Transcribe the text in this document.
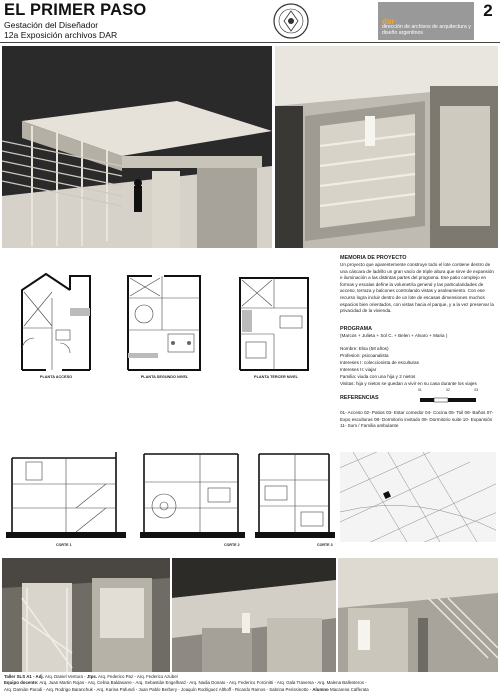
EL PRIMER PASO
Gestación del Diseñador
12a Exposición archivos DAR
dar
dirección de archivos de arquitectura y diseño argentinos
2
PLANTA ACCESO	PLANTA SEGUNDO NIVEL	PLANTA TERCER NIVEL
MEMORIA DE PROYECTO
Un proyecto que aparentemente construye todo el lote contiene dentro de una cáscara de ladrillo un gran vacío de triple altura que sirve de expansión e iluminación a las distintas partes del programa. Ese patio complejo en formas y escalas define la volumetría general y las particularidades de acceso, terraza y balcones controlando vistas y asoleamiento. Con ese recurso logra incluir dentro de un lote de escasas dimensiones muchos espacios bien orientados, con vistas hacia el parque, y a la vez preservar la privacidad de la vivienda.
PROGRAMA
(Marcos + Julieta + Sol C. + Belen + Alvaro + Maria )
Nombre: Elsa (58 años)
Profesion: psicoanalista
Intereses I: coleccionista de esculturas
Intereses II: viajar
Familia: viuda con una hija y 2 nietos
Visitas: hija y nietos se quedan a vivir en su casa durante los viajes
REFERENCIAS
01	02	03
01- Acceso 02- Patios 03- Estar comedor 04- Cocina 05- Toil 06- Baños 07- Expo esculturas 08- Dormitorio invitado 09- Dormitorio suite 10- Expansión 11- Sum / Familia ambulante
CORTE 1	CORTE 2	CORTE 3
Taller SLS A1 - Adj. Arq. Daniel Ventura - Jtps. Arq. Federico Paz - Arq. Federico Azubel
Equipo docente: Arq. Juan Martin Rojas - Arq. Celina Baldasarre - Arq. Sebastián Engelhard - Arq. Nadia Donato - Arq. Federico Forcinitti - Arq. Gala Traversa - Arq. Malena Ballesteros -
Arq. Damián Parodi - Arq. Rodrigo Baranchuk - Arq. Karina Pafundi - Juan Pablo Berbery - Joaquín Rodriguez Althoff - Ricardo Ramos - Sabrina Perissinotto - Alumno Macarena Cafferata
